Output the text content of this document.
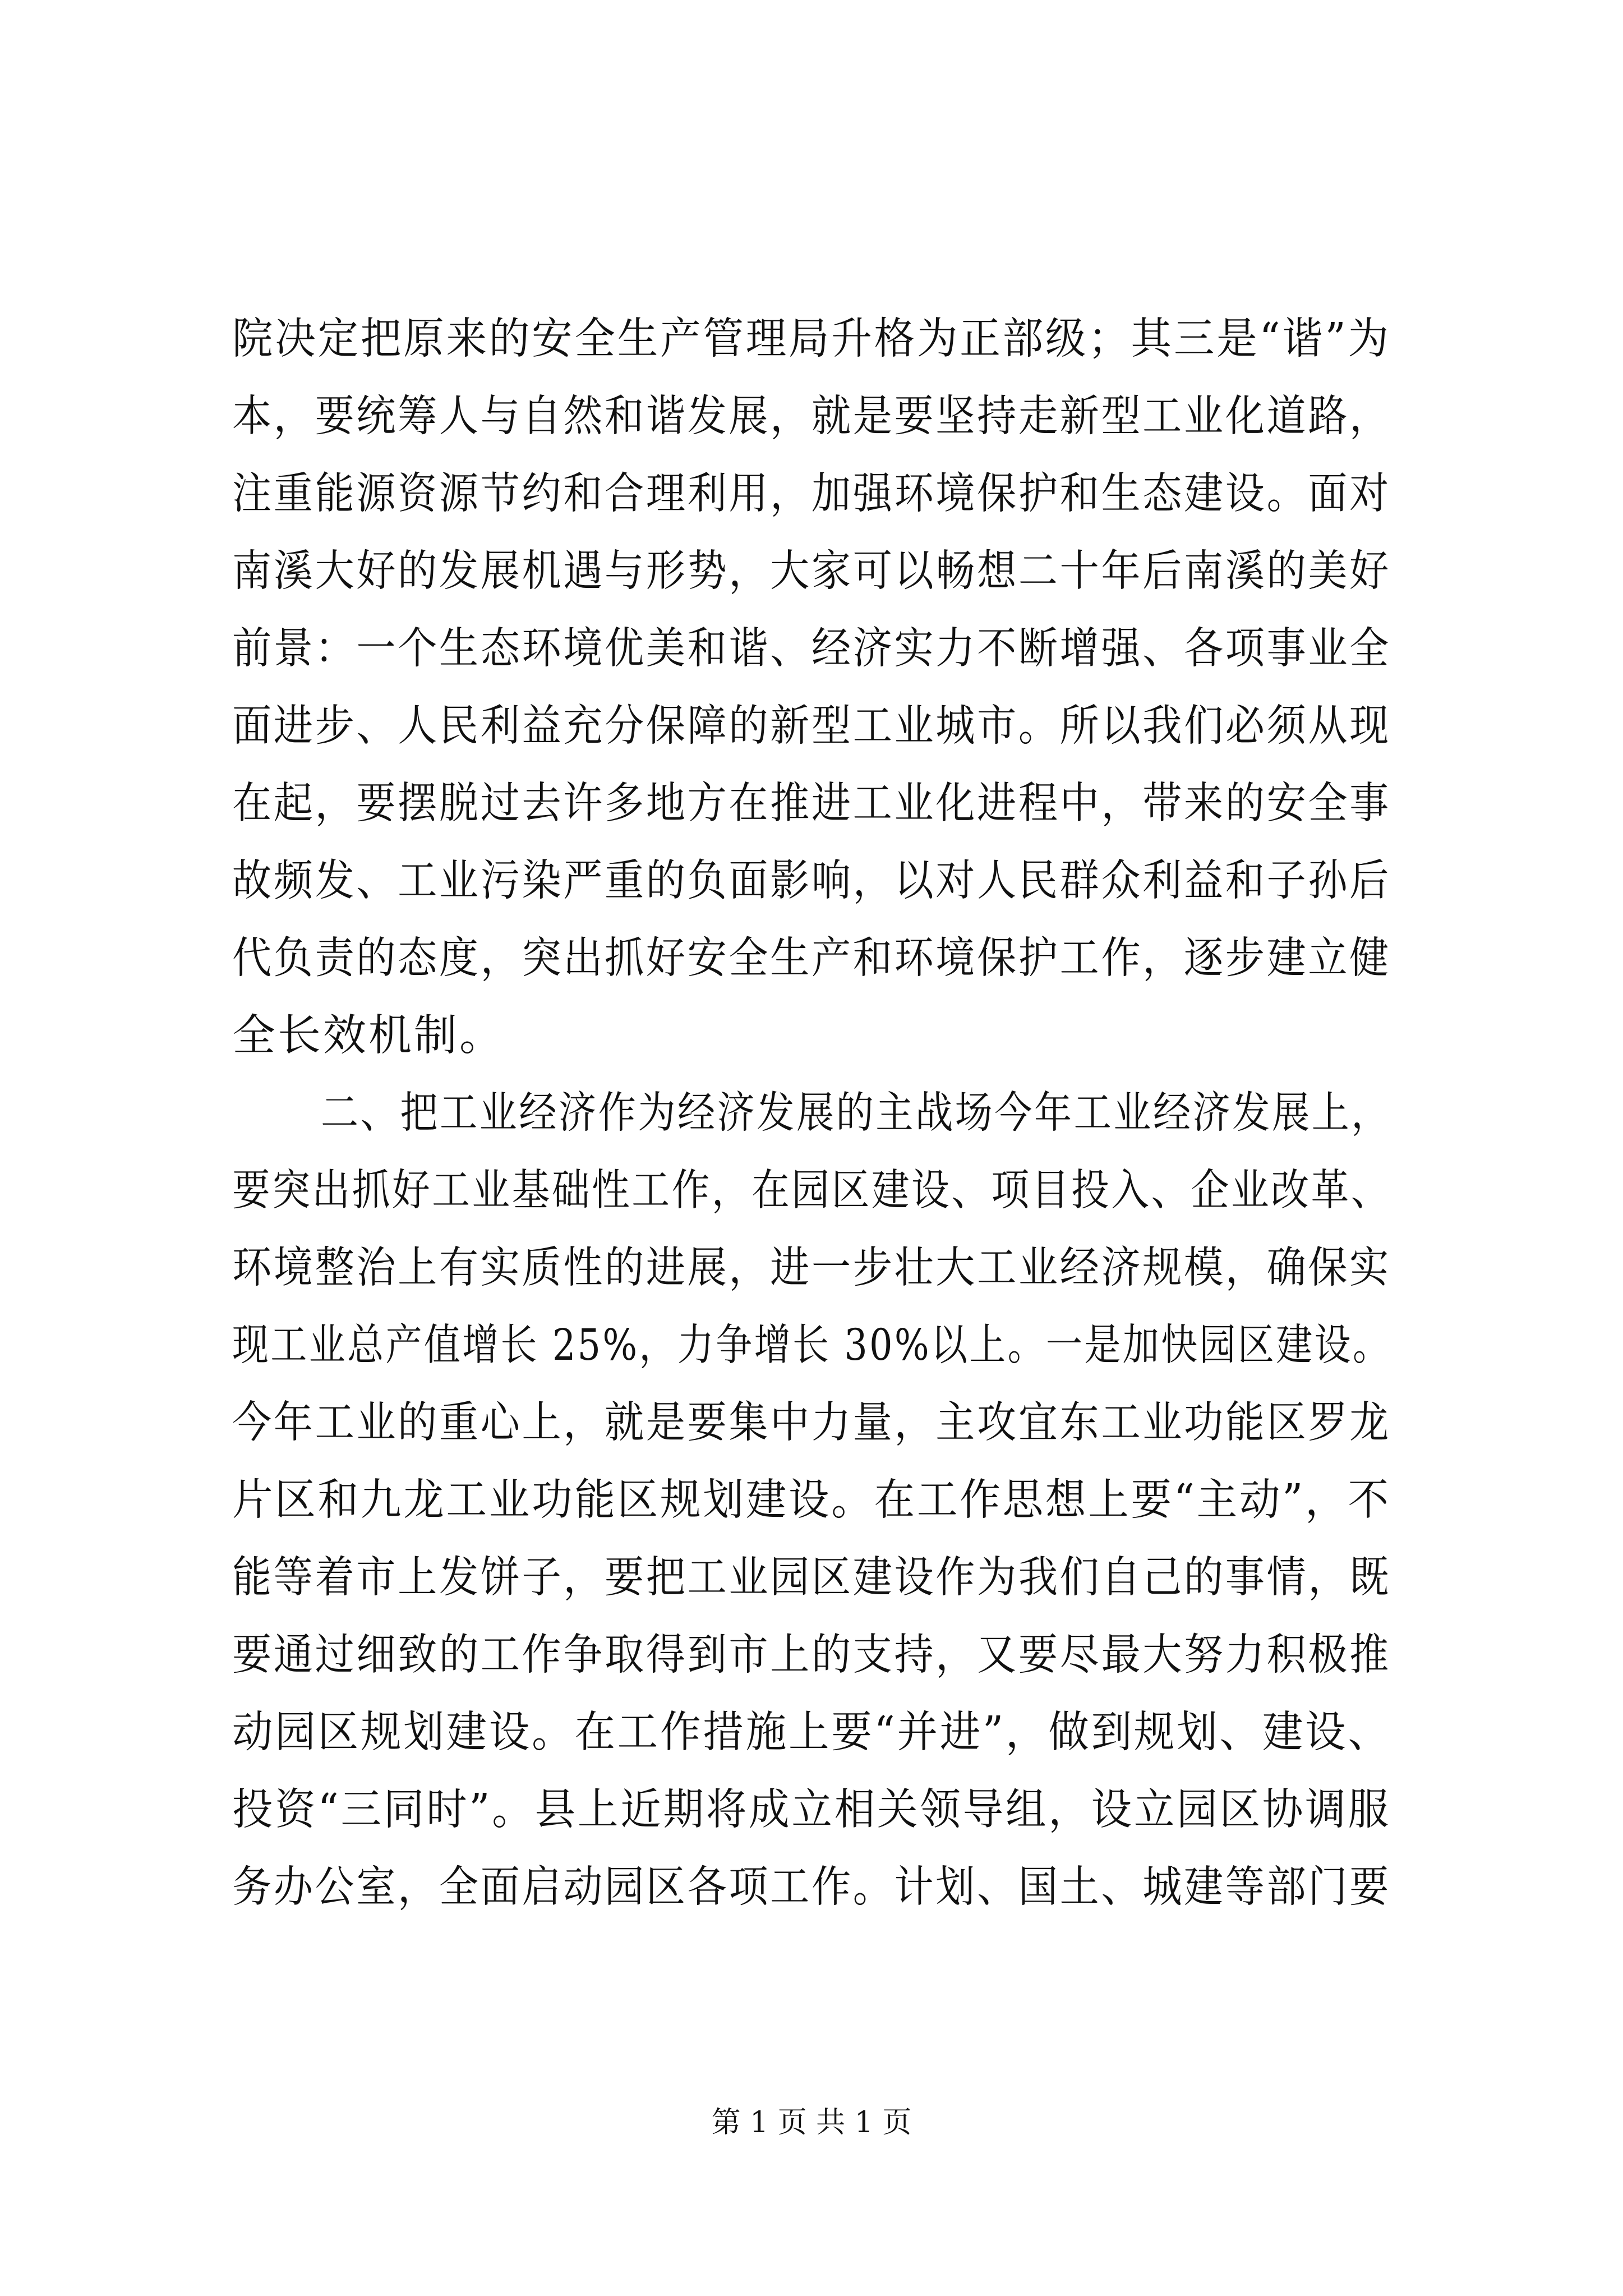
院决定把原来的安全生产管理局升格为正部级；其三是“谐”为
本，要统筹人与自然和谐发展，就是要坚持走新型工业化道路，
注重能源资源节约和合理利用，加强环境保护和生态建设。面对
南溪大好的发展机遇与形势，大家可以畅想二十年后南溪的美好
前景：一个生态环境优美和谐、经济实力不断增强、各项事业全
面进步、人民利益充分保障的新型工业城市。所以我们必须从现
在起，要摆脱过去许多地方在推进工业化进程中，带来的安全事
故频发、工业污染严重的负面影响，以对人民群众利益和子孙后
代负责的态度，突出抓好安全生产和环境保护工作，逐步建立健
全长效机制。
二、把工业经济作为经济发展的主战场今年工业经济发展上，
要突出抓好工业基础性工作，在园区建设、项目投入、企业改革、
环境整治上有实质性的进展，进一步壮大工业经济规模，确保实
现工业总产值增长 25%，力争增长 30%以上。一是加快园区建设。
今年工业的重心上，就是要集中力量，主攻宜东工业功能区罗龙
片区和九龙工业功能区规划建设。在工作思想上要“主动”，不
能等着市上发饼子，要把工业园区建设作为我们自己的事情，既
要通过细致的工作争取得到市上的支持，又要尽最大努力积极推
动园区规划建设。在工作措施上要“并进”，做到规划、建设、
投资“三同时”。县上近期将成立相关领导组，设立园区协调服
务办公室，全面启动园区各项工作。计划、国土、城建等部门要
第 1 页 共 1 页
